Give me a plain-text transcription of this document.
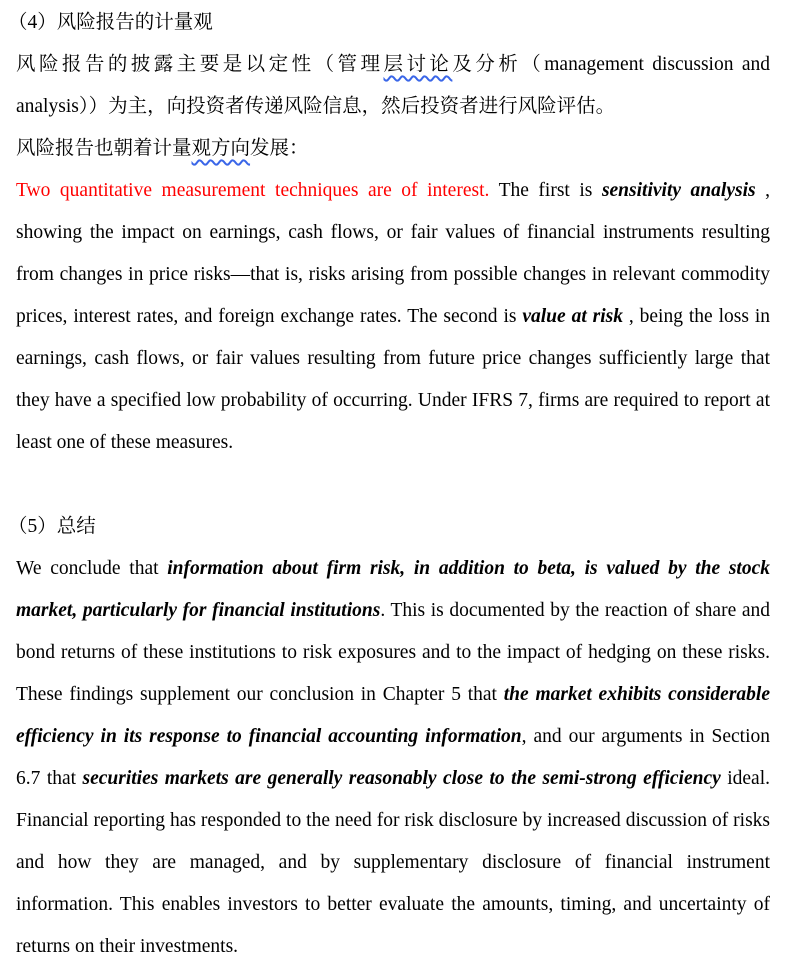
（4）风险报告的计量观

风险报告的披露主要是以定性（管理层讨论及分析（management discussion and analysis））为主，向投资者传递风险信息，然后投资者进行风险评估。

风险报告也朝着计量观方向发展：

Two quantitative measurement techniques are of interest. The first is sensitivity analysis , showing the impact on earnings, cash flows, or fair values of financial instruments resulting from changes in price risks—that is, risks arising from possible changes in relevant commodity prices, interest rates, and foreign exchange rates. The second is value at risk , being the loss in earnings, cash flows, or fair values resulting from future price changes sufficiently large that they have a specified low probability of occurring. Under IFRS 7, firms are required to report at least one of these measures.

（5）总结

We conclude that information about firm risk, in addition to beta, is valued by the stock market, particularly for financial institutions. This is documented by the reaction of share and bond returns of these institutions to risk exposures and to the impact of hedging on these risks. These findings supplement our conclusion in Chapter 5 that the market exhibits considerable efficiency in its response to financial accounting information, and our arguments in Section 6.7 that securities markets are generally reasonably close to the semi-strong efficiency ideal. Financial reporting has responded to the need for risk disclosure by increased discussion of risks and how they are managed, and by supplementary disclosure of financial instrument information. This enables investors to better evaluate the amounts, timing, and uncertainty of returns on their investments.
